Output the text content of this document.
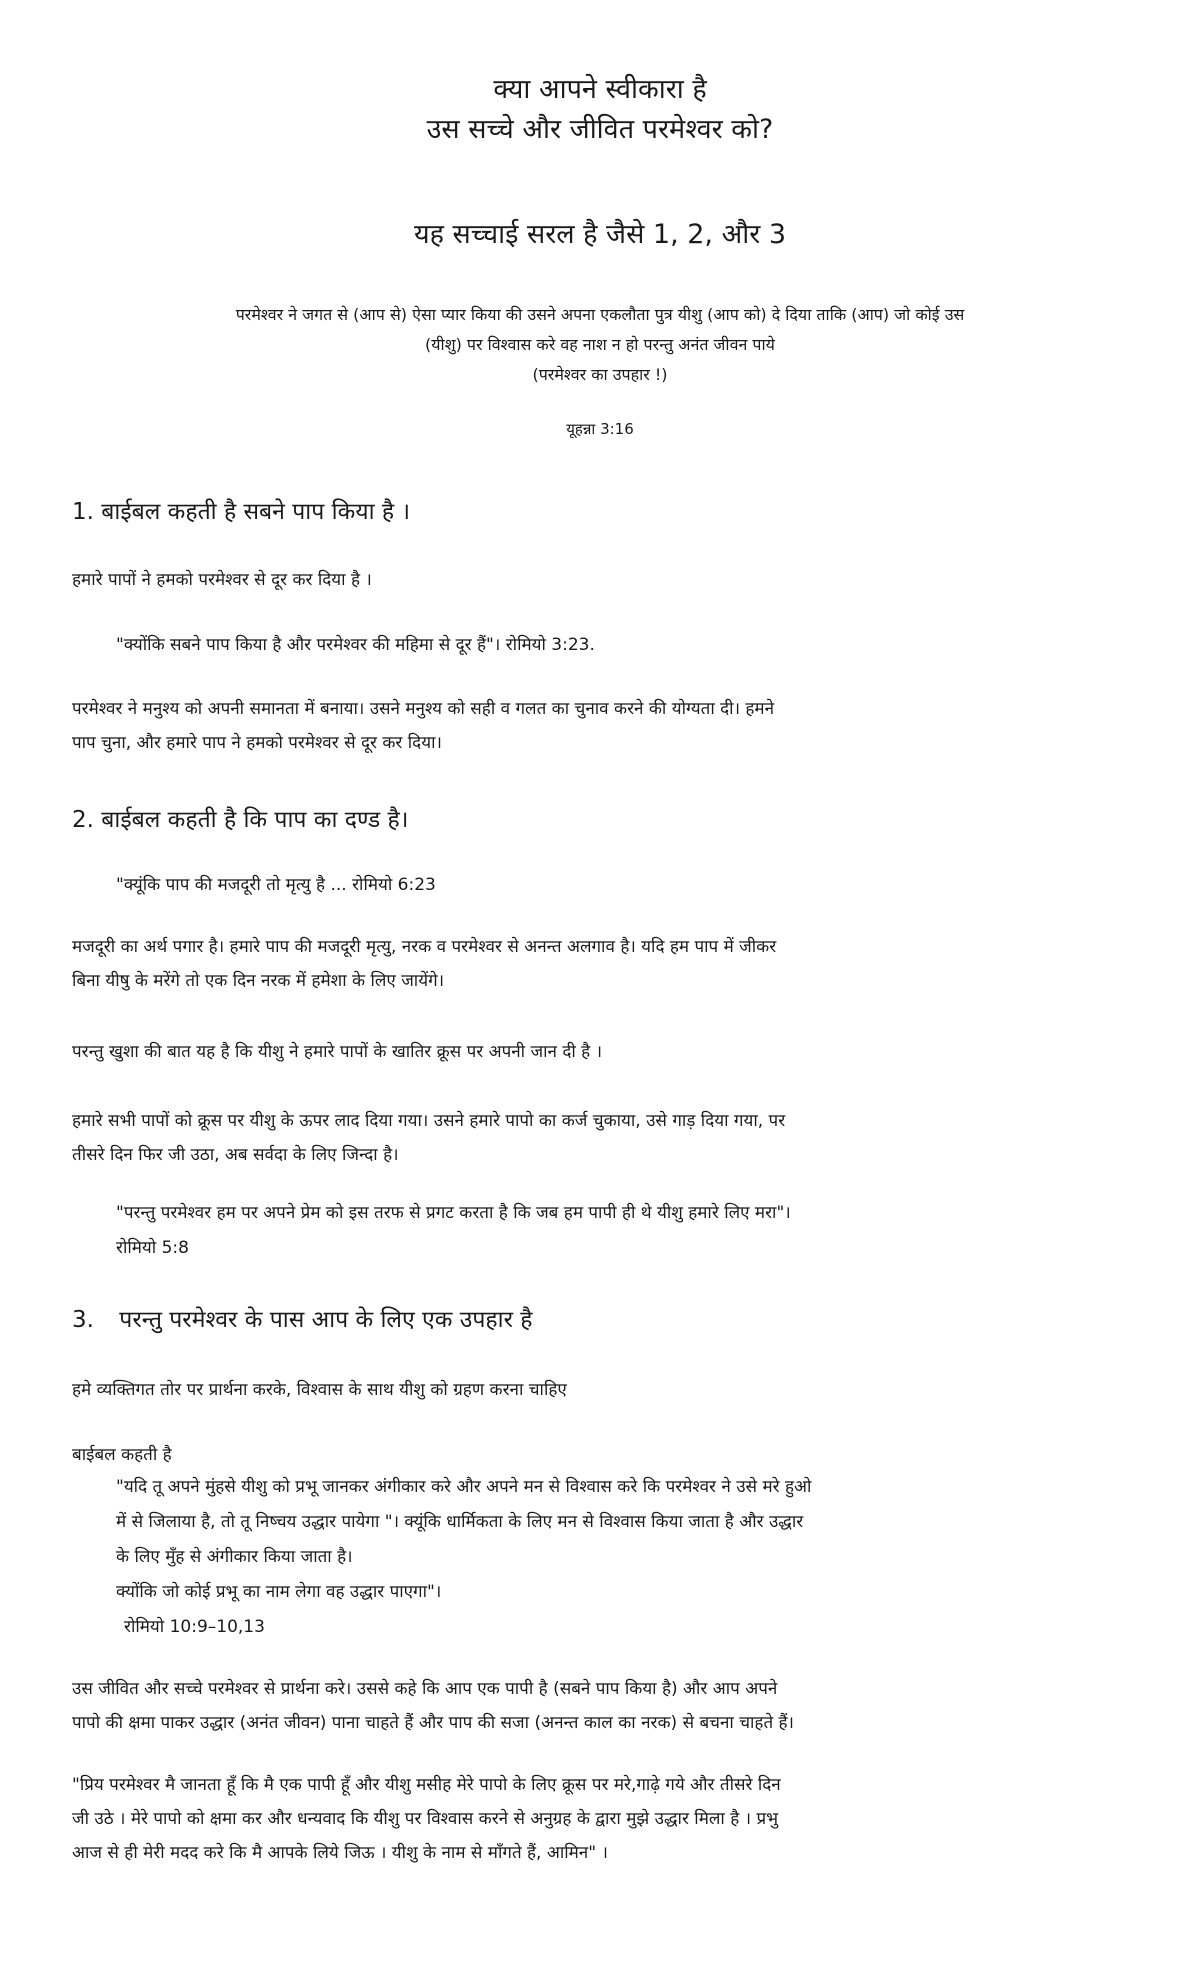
क्या आपने स्वीकारा है
उस सच्चे और जीवित परमेश्वर को?
यह सच्चाई सरल है जैसे 1, 2, और 3
परमेश्वर ने जगत से (आप से) ऐसा प्यार किया की उसने अपना एकलौता पुत्र यीशु (आप को) दे दिया ताकि (आप) जो कोई उस
(यीशु) पर विश्वास करे वह नाश न हो परन्तु अनंत जीवन पाये
(परमेश्वर का उपहार !)
यूहन्ना 3:16
1. बाईबल कहती है सबने पाप किया है ।
हमारे पापों ने हमको परमेश्वर से दूर कर दिया है ।
"क्योंकि सबने पाप किया है और परमेश्वर की महिमा से दूर हैं"। रोमियो 3:23.
परमेश्वर ने मनुश्य को अपनी समानता में बनाया। उसने मनुश्य को सही व गलत का चुनाव करने की योग्यता दी। हमने
पाप चुना, और हमारे पाप ने हमको परमेश्वर से दूर कर दिया।
2. बाईबल कहती है कि पाप का दण्ड है।
"क्यूंकि पाप की मजदूरी तो मृत्यु है ... रोमियो 6:23
मजदूरी का अर्थ पगार है। हमारे पाप की मजदूरी मृत्यु, नरक व परमेश्वर से अनन्त अलगाव है। यदि हम पाप में जीकर
बिना यीषु के मरेंगे तो एक दिन नरक में हमेशा के लिए जायेंगे।
परन्तु खुशा की बात यह है कि यीशु ने हमारे पापों के खातिर क्रूस पर अपनी जान दी है ।
हमारे सभी पापों को क्रूस पर यीशु के ऊपर लाद दिया गया। उसने हमारे पापो का कर्ज चुकाया, उसे गाड़ दिया गया, पर
तीसरे दिन फिर जी उठा, अब सर्वदा के लिए जिन्दा है।
"परन्तु परमेश्वर हम पर अपने प्रेम को इस तरफ से प्रगट करता है कि जब हम पापी ही थे यीशु हमारे लिए मरा"।
रोमियो 5:8
3. परन्तु परमेश्वर के पास आप के लिए एक उपहार है
हमे व्यक्तिगत तोर पर प्रार्थना करके, विश्वास के साथ यीशु को ग्रहण करना चाहिए
बाईबल कहती है
"यदि तू अपने मुंहसे यीशु को प्रभू जानकर अंगीकार करे और अपने मन से विश्वास करे कि परमेश्वर ने उसे मरे हुओ
में से जिलाया है, तो तू निष्चय उद्धार पायेगा "। क्यूंकि धार्मिकता के लिए मन से विश्वास किया जाता है और उद्धार
के लिए मुँह से अंगीकार किया जाता है।
क्योंकि जो कोई प्रभू का नाम लेगा वह उद्धार पाएगा"।
रोमियो 10:9–10,13
उस जीवित और सच्चे परमेश्वर से प्रार्थना करे। उससे कहे कि आप एक पापी है (सबने पाप किया है) और आप अपने
पापो की क्षमा पाकर उद्धार (अनंत जीवन) पाना चाहते हैं और पाप की सजा (अनन्त काल का नरक) से बचना चाहते हैं।
"प्रिय परमेश्वर मै जानता हूँ कि मै एक पापी हूँ और यीशु मसीह मेरे पापो के लिए क्रूस पर मरे,गाढ़े गये और तीसरे दिन
जी उठे । मेरे पापो को क्षमा कर और धन्यवाद कि यीशु पर विश्वास करने से अनुग्रह के द्वारा मुझे उद्धार मिला है । प्रभु
आज से ही मेरी मदद करे कि मै आपके लिये जिऊ । यीशु के नाम से माँगते हैं, आमिन" ।
